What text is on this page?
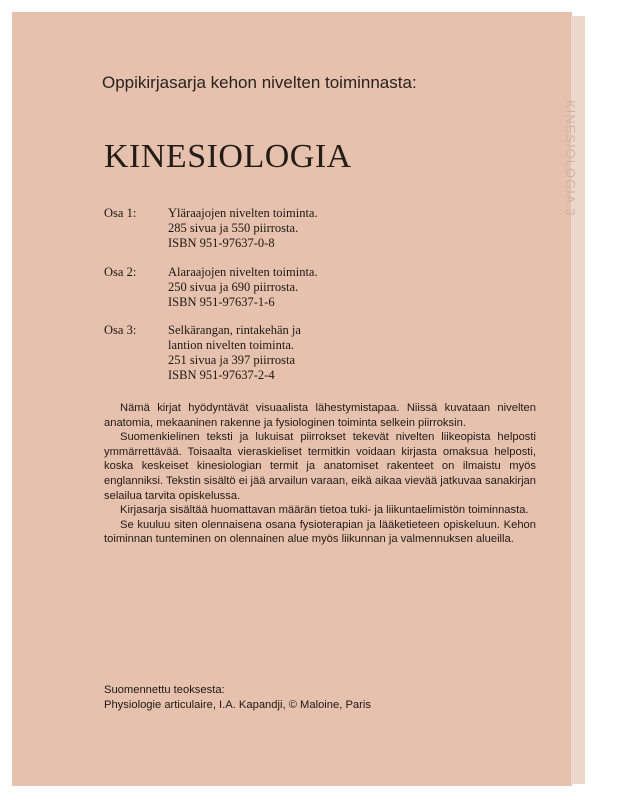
KINESIOLOGIA 3
Oppikirjasarja kehon nivelten toiminnasta:
KINESIOLOGIA
Osa 1:	Yläraajojen nivelten toiminta.
285 sivua ja 550 piirrosta.
ISBN 951-97637-0-8
Osa 2:	Alaraajojen nivelten toiminta.
250 sivua ja 690 piirrosta.
ISBN 951-97637-1-6
Osa 3:	Selkärangan, rintakehän ja
lantion nivelten toiminta.
251 sivua ja 397 piirrosta
ISBN 951-97637-2-4

Nämä kirjat hyödyntävät visuaalista lähestymistapaa. Niissä kuvataan nivelten anatomia, mekaaninen rakenne ja fysiologinen toiminta selkein piirroksin.

Suomenkielinen teksti ja lukuisat piirrokset tekevät nivelten liikeopista helposti ymmärrettävää. Toisaalta vieraskieliset termitkin voidaan kirjasta omaksua helposti, koska keskeiset kinesiologian termit ja anatomiset rakenteet on ilmaistu myös englanniksi. Tekstin sisältö ei jää arvailun varaan, eikä aikaa vievää jatkuvaa sanakirjan selailua tarvita opiskelussa.

Kirjasarja sisältää huomattavan määrän tietoa tuki- ja liikuntaelimistön toiminnasta.

Se kuuluu siten olennaisena osana fysioterapian ja lääketieteen opiskeluun. Kehon toiminnan tunteminen on olennainen alue myös liikunnan ja valmennuksen alueilla.

Suomennettu teoksesta:
Physiologie articulaire, I.A. Kapandji, © Maloine, Paris
